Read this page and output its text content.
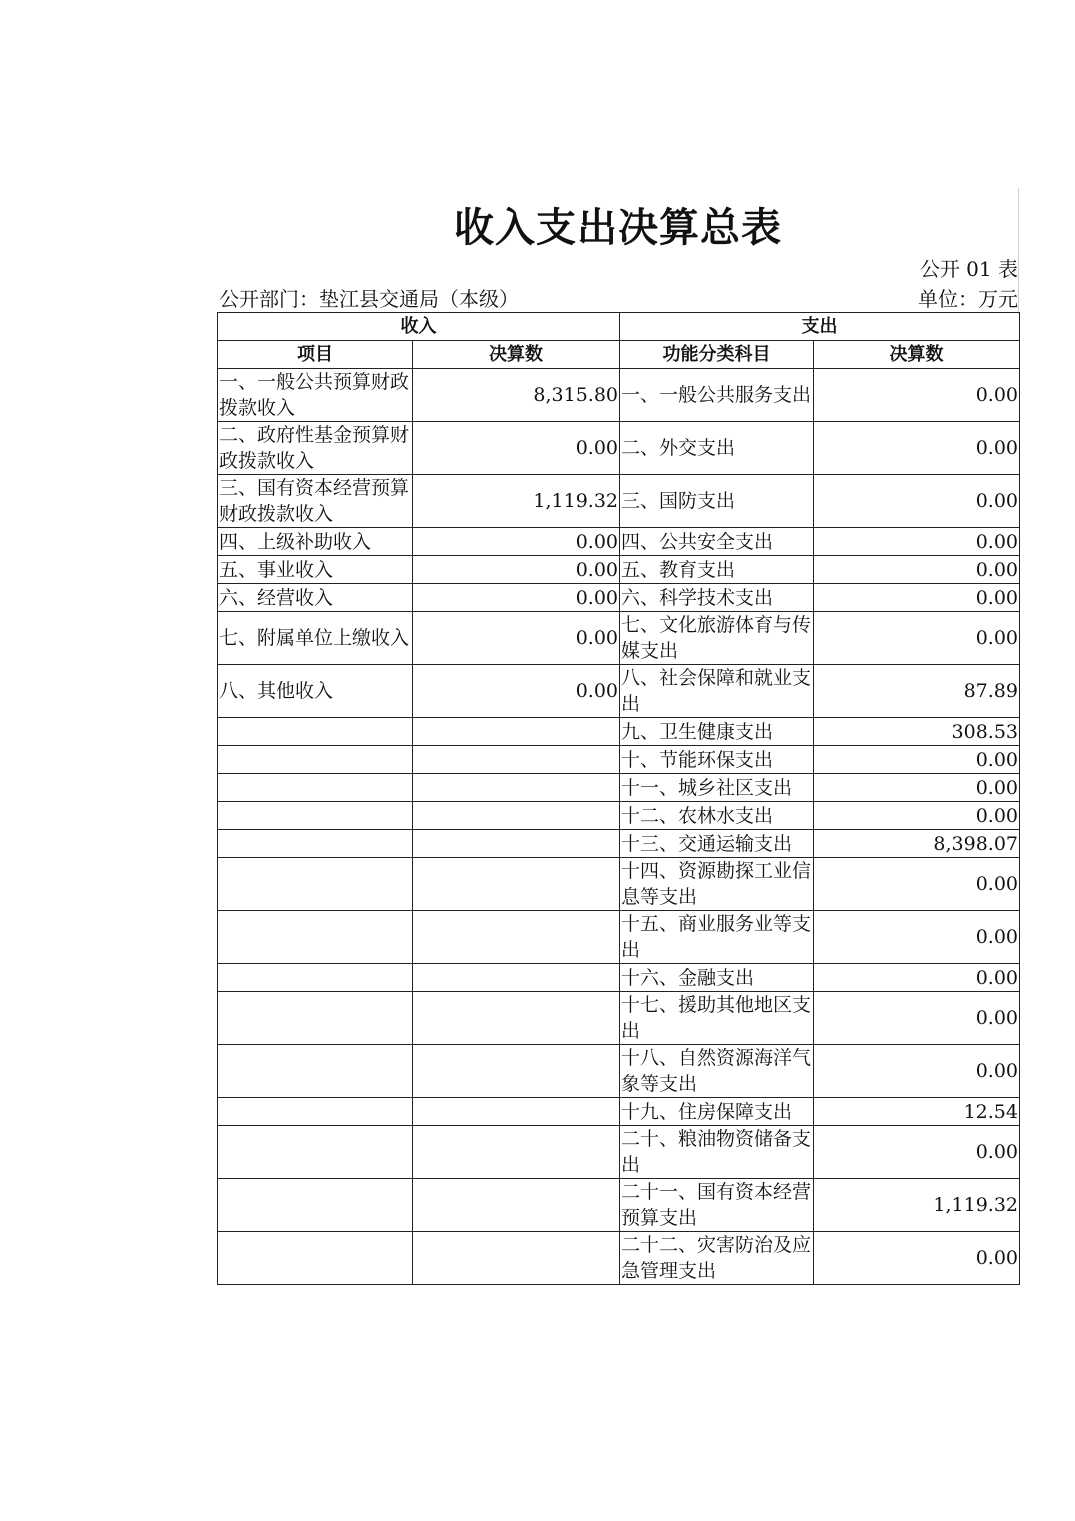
收入支出决算总表
公开 01 表
公开部门：垫江县交通局（本级）	单位：万元
收入		支出	
项目	决算数	功能分类科目	决算数
一、一般公共预算财政拨款收入	8,315.80	一、一般公共服务支出	0.00
二、政府性基金预算财政拨款收入	0.00	二、外交支出	0.00
三、国有资本经营预算财政拨款收入	1,119.32	三、国防支出	0.00
四、上级补助收入	0.00	四、公共安全支出	0.00
五、事业收入	0.00	五、教育支出	0.00
六、经营收入	0.00	六、科学技术支出	0.00
七、附属单位上缴收入	0.00	七、文化旅游体育与传媒支出	0.00
八、其他收入	0.00	八、社会保障和就业支出	87.89
		九、卫生健康支出	308.53
		十、节能环保支出	0.00
		十一、城乡社区支出	0.00
		十二、农林水支出	0.00
		十三、交通运输支出	8,398.07
		十四、资源勘探工业信息等支出	0.00
		十五、商业服务业等支出	0.00
		十六、金融支出	0.00
		十七、援助其他地区支出	0.00
		十八、自然资源海洋气象等支出	0.00
		十九、住房保障支出	12.54
		二十、粮油物资储备支出	0.00
		二十一、国有资本经营预算支出	1,119.32
		二十二、灾害防治及应急管理支出	0.00
